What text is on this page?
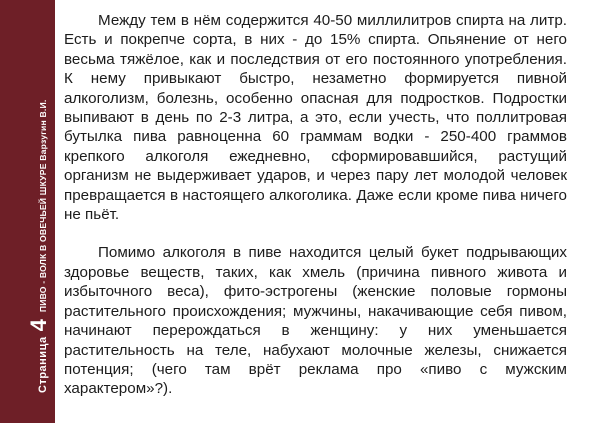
Страница
4
ПИВО - ВОЛК В ОВЕЧЬЕЙ ШКУРЕ Варзугин В.И.

Между тем в нём содержится 40-50 миллилитров спирта на литр. Есть и покрепче сорта, в них - до 15% спирта. Опьянение от него весьма тяжёлое, как и последствия от его постоянного употребления. К нему привыкают быстро, незаметно формируется пивной алкоголизм, болезнь, особенно опасная для подростков. Подростки выпивают в день по 2-3 литра, а это, если учесть, что поллитровая бутылка пива равноценна 60 граммам водки - 250-400 граммов крепкого алкоголя ежедневно, сформировавшийся, растущий организм не выдерживает ударов, и через пару лет молодой человек превращается в настоящего алкоголика. Даже если кроме пива ничего не пьёт.

Помимо алкоголя в пиве находится целый букет подрывающих здоровье веществ, таких, как хмель (причина пивного живота и избыточного веса), фито-эстрогены (женские половые гормоны растительного происхождения; мужчины, накачивающие себя пивом, начинают перерождаться в женщину: у них уменьшается растительность на теле, набухают молочные железы, снижается потенция; (чего там врёт реклама про «пиво с мужским характером»?).
